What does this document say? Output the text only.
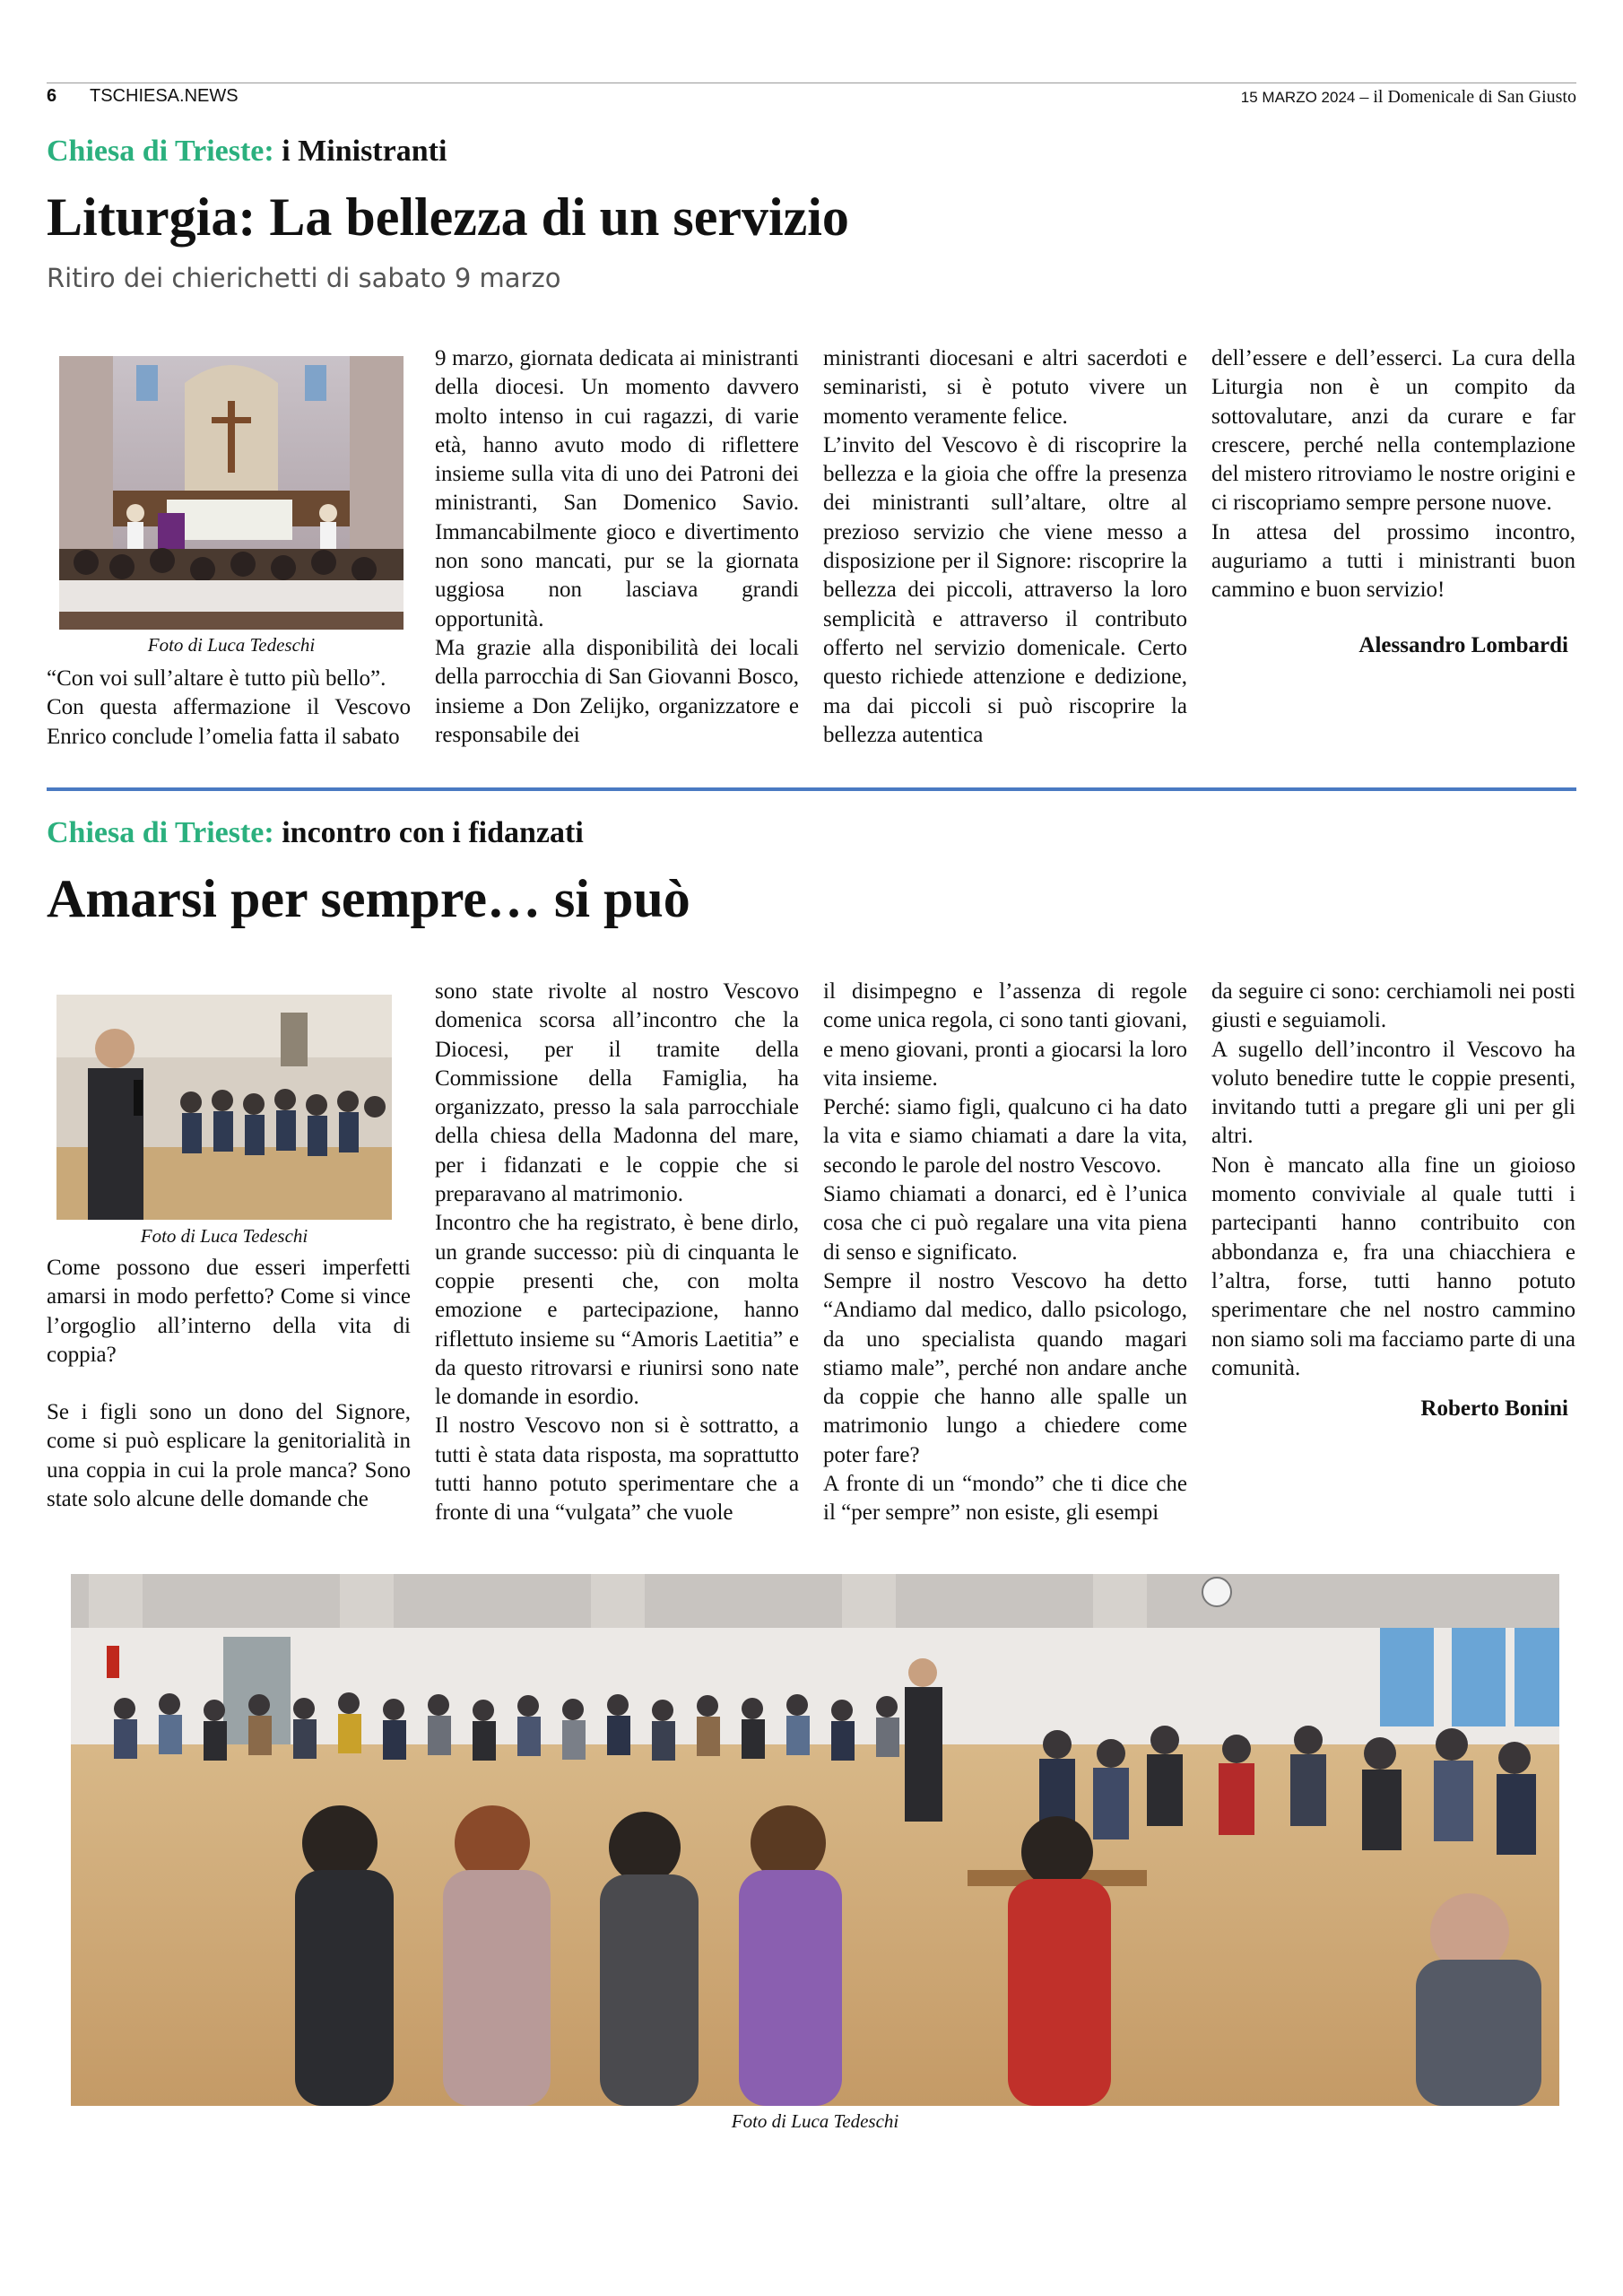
6 TSCHIESA.NEWS	15 MARZO 2024 – il Domenicale di San Giusto
Chiesa di Trieste: i Ministranti
Liturgia: La bellezza di un servizio
Ritiro dei chierichetti di sabato 9 marzo
Foto di Luca Tedeschi

“Con voi sull’altare è tutto più bello”.

Con questa affermazione il Vescovo Enrico conclude l’omelia fatta il sabato

9 marzo, giornata dedicata ai ministranti della diocesi. Un momento davvero molto intenso in cui ragazzi, di varie età, hanno avuto modo di riflettere insieme sulla vita di uno dei Patroni dei ministranti, San Domenico Savio. Immancabilmente gioco e divertimento non sono mancati, pur se la giornata uggiosa non lasciava grandi opportunità.

Ma grazie alla disponibilità dei locali della parrocchia di San Giovanni Bosco, insieme a Don Zelijko, organizzatore e responsabile dei

ministranti diocesani e altri sacerdoti e seminaristi, si è potuto vivere un momento veramente felice.

L’invito del Vescovo è di riscoprire la bellezza e la gioia che offre la presenza dei ministranti sull’altare, oltre al prezioso servizio che viene messo a disposizione per il Signore: riscoprire la bellezza dei piccoli, attraverso la loro semplicità e attraverso il contributo offerto nel servizio domenicale. Certo questo richiede attenzione e dedizione, ma dai piccoli si può riscoprire la bellezza autentica

dell’essere e dell’esserci. La cura della Liturgia non è un compito da sottovalutare, anzi da curare e far crescere, perché nella contemplazione del mistero ritroviamo le nostre origini e ci riscopriamo sempre persone nuove.

In attesa del prossimo incontro, auguriamo a tutti i ministranti buon cammino e buon servizio!

Alessandro Lombardi
Chiesa di Trieste: incontro con i fidanzati
Amarsi per sempre… si può
Foto di Luca Tedeschi

Come possono due esseri imperfetti amarsi in modo perfetto? Come si vince l’orgoglio all’interno della vita di coppia?

Se i figli sono un dono del Signore, come si può esplicare la genitorialità in una coppia in cui la prole manca? Sono state solo alcune delle domande che

sono state rivolte al nostro Vescovo domenica scorsa all’incontro che la Diocesi, per il tramite della Commissione della Famiglia, ha organizzato, presso la sala parrocchiale della chiesa della Madonna del mare, per i fidanzati e le coppie che si preparavano al matrimonio.

Incontro che ha registrato, è bene dirlo, un grande successo: più di cinquanta le coppie presenti che, con molta emozione e partecipazione, hanno riflettuto insieme su “Amoris Laetitia” e da questo ritrovarsi e riunirsi sono nate le domande in esordio.

Il nostro Vescovo non si è sottratto, a tutti è stata data risposta, ma soprattutto tutti hanno potuto sperimentare che a fronte di una “vulgata” che vuole

il disimpegno e l’assenza di regole come unica regola, ci sono tanti giovani, e meno giovani, pronti a giocarsi la loro vita insieme.

Perché: siamo figli, qualcuno ci ha dato la vita e siamo chiamati a dare la vita, secondo le parole del nostro Vescovo.

Siamo chiamati a donarci, ed è l’unica cosa che ci può regalare una vita piena di senso e significato.

Sempre il nostro Vescovo ha detto “Andiamo dal medico, dallo psicologo, da uno specialista quando magari stiamo male”, perché non andare anche da coppie che hanno alle spalle un matrimonio lungo a chiedere come poter fare?

A fronte di un “mondo” che ti dice che il “per sempre” non esiste, gli esempi

da seguire ci sono: cerchiamoli nei posti giusti e seguiamoli.

A sugello dell’incontro il Vescovo ha voluto benedire tutte le coppie presenti, invitando tutti a pregare gli uni per gli altri.

Non è mancato alla fine un gioioso momento conviviale al quale tutti i partecipanti hanno contribuito con abbondanza e, fra una chiacchiera e l’altra, forse, tutti hanno potuto sperimentare che nel nostro cammino non siamo soli ma facciamo parte di una comunità.

Roberto Bonini
Foto di Luca Tedeschi
